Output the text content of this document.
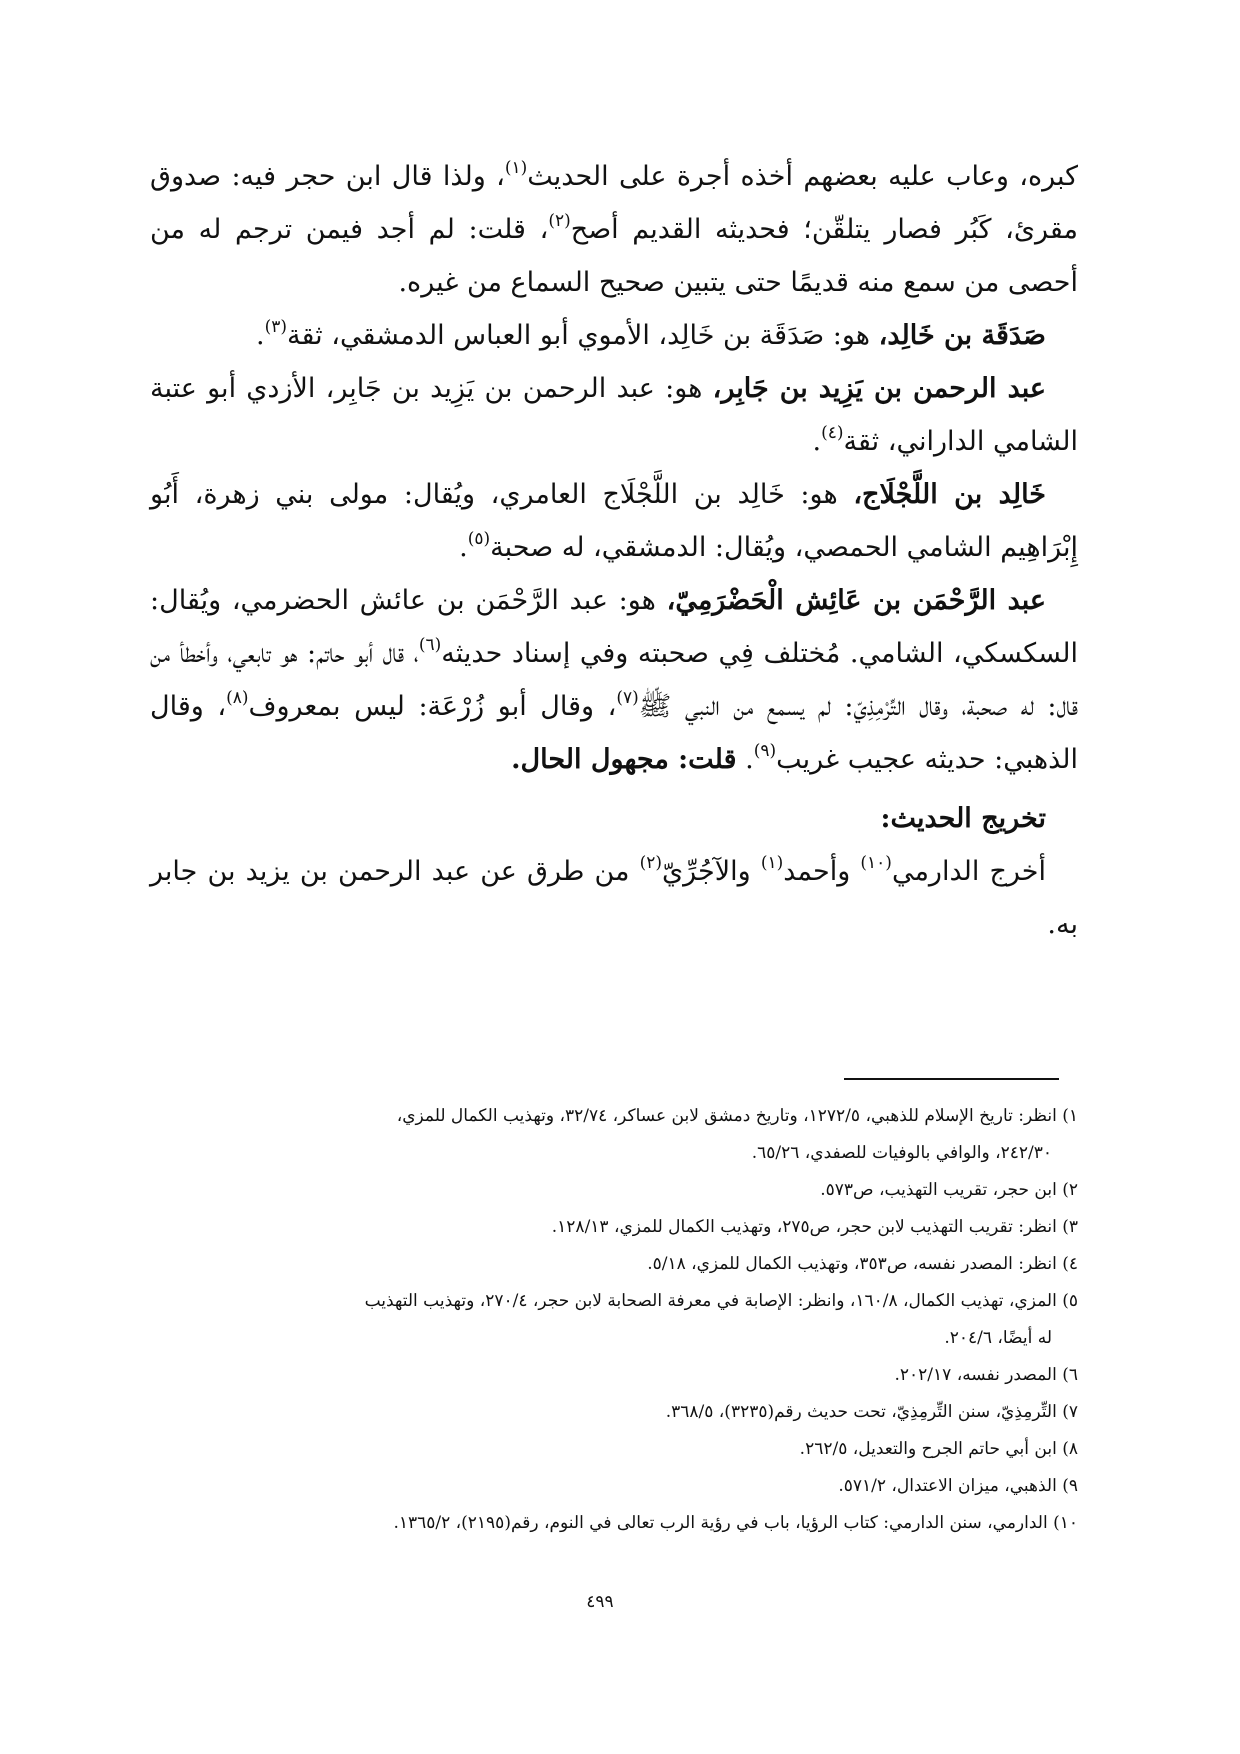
كبره، وعاب عليه بعضهم أخذه أجرة على الحديث$^{(١)}$، ولذا قال ابن حجر فيه: صدوق مقرئ، كَبُر فصار يتلقّن؛ فحديثه القديم أصح$^{(٢)}$، قلت: لم أجد فيمن ترجم له من أحصى من سمع منه قديمًا حتى يتبين صحيح السماع من غيره.

صَدَقَة بن خَالِد، هو: صَدَقَة بن خَالِد، الأموي أبو العباس الدمشقي، ثقة$^{(٣)}$.

عبد الرحمن بن يَزِيد بن جَابِر، هو: عبد الرحمن بن يَزِيد بن جَابِر، الأزدي أبو عتبة الشامي الداراني، ثقة$^{(٤)}$.

خَالِد بن اللَّجْلَاج، هو: خَالِد بن اللَّجْلَاج العامري، ويُقال: مولى بني زهرة، أَبُو إِبْرَاهِيم الشامي الحمصي، ويُقال: الدمشقي، له صحبة$^{(٥)}$.

عبد الرَّحْمَن بن عَائِش الْحَضْرَمِيّ، هو: عبد الرَّحْمَن بن عائش الحضرمي، ويُقال: السكسكي، الشامي. مُختلف فِي صحبته وفي إسناد حديثه$^{(٦)}$، قال أبو حاتم: هو تابعي، وأخطأ من قال: له صحبة، وقال التِّرْمِذِيّ: لم يسمع من النبي ﷺ$^{(٧)}$، وقال أبو زُرْعَة: ليس بمعروف$^{(٨)}$، وقال الذهبي: حديثه عجيب غريب$^{(٩)}$. قلت: مجهول الحال.

تخريج الحديث:

أخرج الدارمي$^{(١٠)}$ وأحمد$^{(١)}$ والآجُرِّيّ$^{(٢)}$ من طرق عن عبد الرحمن بن يزيد بن جابر به.

١) انظر: تاريخ الإسلام للذهبي، ١٢٧٢/٥، وتاريخ دمشق لابن عساكر، ٣٢/٧٤، وتهذيب الكمال للمزي،

٢٤٢/٣٠، والوافي بالوفيات للصفدي، ٦٥/٢٦.

٢) ابن حجر، تقريب التهذيب، ص٥٧٣.

٣) انظر: تقريب التهذيب لابن حجر، ص٢٧٥، وتهذيب الكمال للمزي، ١٢٨/١٣.

٤) انظر: المصدر نفسه، ص٣٥٣، وتهذيب الكمال للمزي، ٥/١٨.

٥) المزي، تهذيب الكمال، ١٦٠/٨، وانظر: الإصابة في معرفة الصحابة لابن حجر، ٢٧٠/٤، وتهذيب التهذيب

له أيضًا، ٢٠٤/٦.

٦) المصدر نفسه، ٢٠٢/١٧.

٧) التِّرمِذِيّ، سنن التِّرمِذِيّ، تحت حديث رقم(٣٢٣٥)، ٣٦٨/٥.

٨) ابن أبي حاتم الجرح والتعديل، ٢٦٢/٥.

٩) الذهبي، ميزان الاعتدال، ٥٧١/٢.

١٠) الدارمي، سنن الدارمي: كتاب الرؤيا، باب في رؤية الرب تعالى في النوم، رقم(٢١٩٥)، ١٣٦٥/٢.

٤٩٩
